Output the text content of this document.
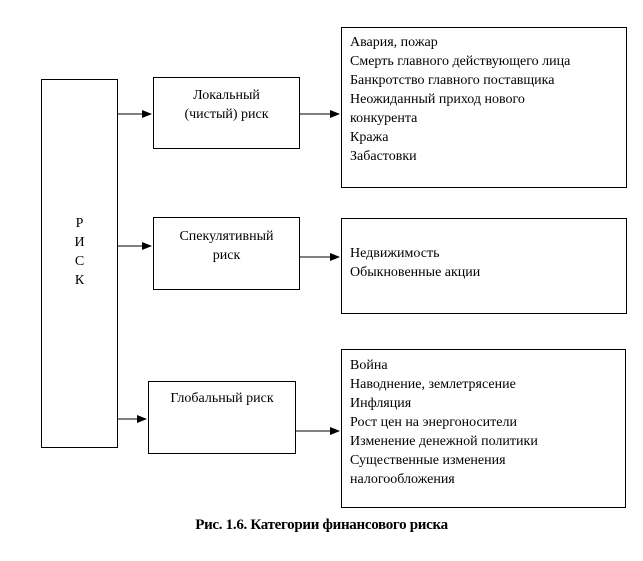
Р
И
С
К
Локальный
(чистый) риск
Авария, пожар
Смерть главного действующего лица
Банкротство главного поставщика
Неожиданный приход нового
конкурента
Кража
Забастовки
Спекулятивный
риск	Недвижимость
Обыкновенные акции
Глобальный риск
Война
Наводнение, землетрясение
Инфляция
Рост цен на энергоносители
Изменение денежной политики
Существенные изменения
налогообложения
Рис. 1.6. Категории финансового риска
